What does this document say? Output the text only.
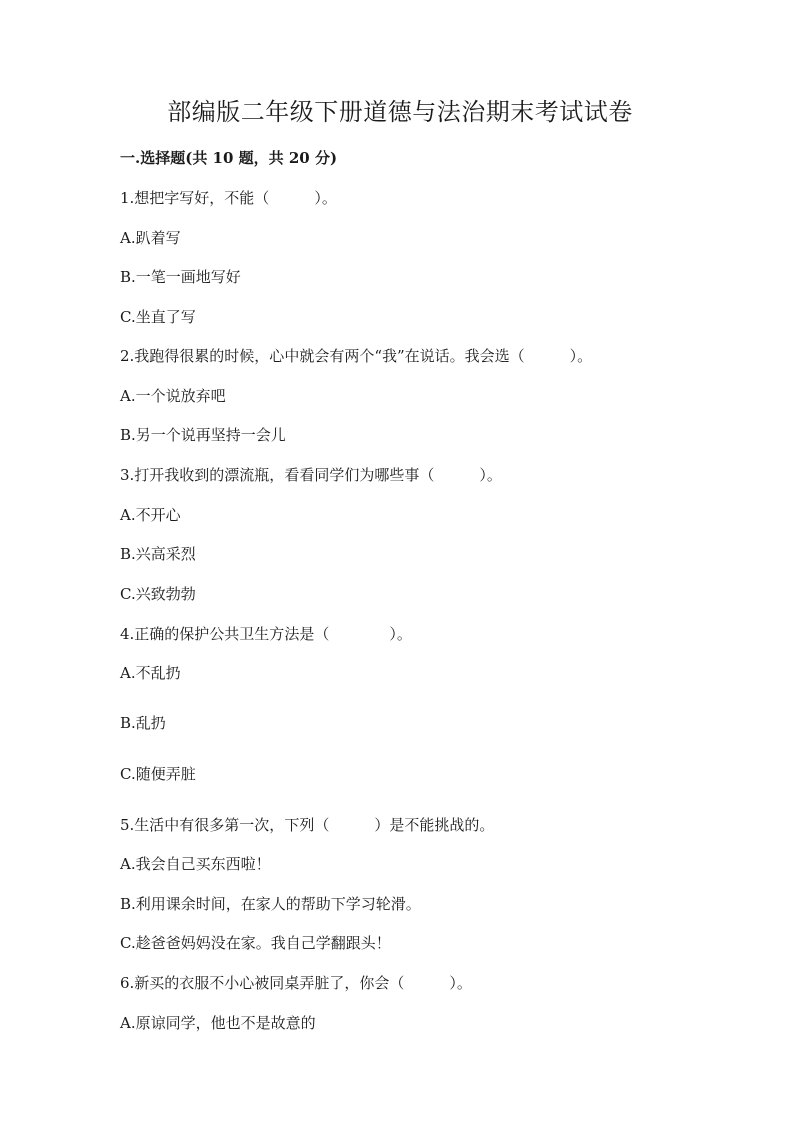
部编版二年级下册道德与法治期末考试试卷

一.选择题(共 10 题，共 20 分)

1.想把字写好，不能（　　　）。

A.趴着写

B.一笔一画地写好

C.坐直了写

2.我跑得很累的时候，心中就会有两个“我”在说话。我会选（　　　）。

A.一个说放弃吧

B.另一个说再坚持一会儿

3.打开我收到的漂流瓶，看看同学们为哪些事（　　　）。

A.不开心

B.兴高采烈

C.兴致勃勃

4.正确的保护公共卫生方法是（　　　　）。

A.不乱扔

B.乱扔

C.随便弄脏

5.生活中有很多第一次，下列（　　　）是不能挑战的。

A.我会自己买东西啦！

B.利用课余时间，在家人的帮助下学习轮滑。

C.趁爸爸妈妈没在家。我自己学翻跟头！

6.新买的衣服不小心被同桌弄脏了，你会（　　　）。

A.原谅同学，他也不是故意的
